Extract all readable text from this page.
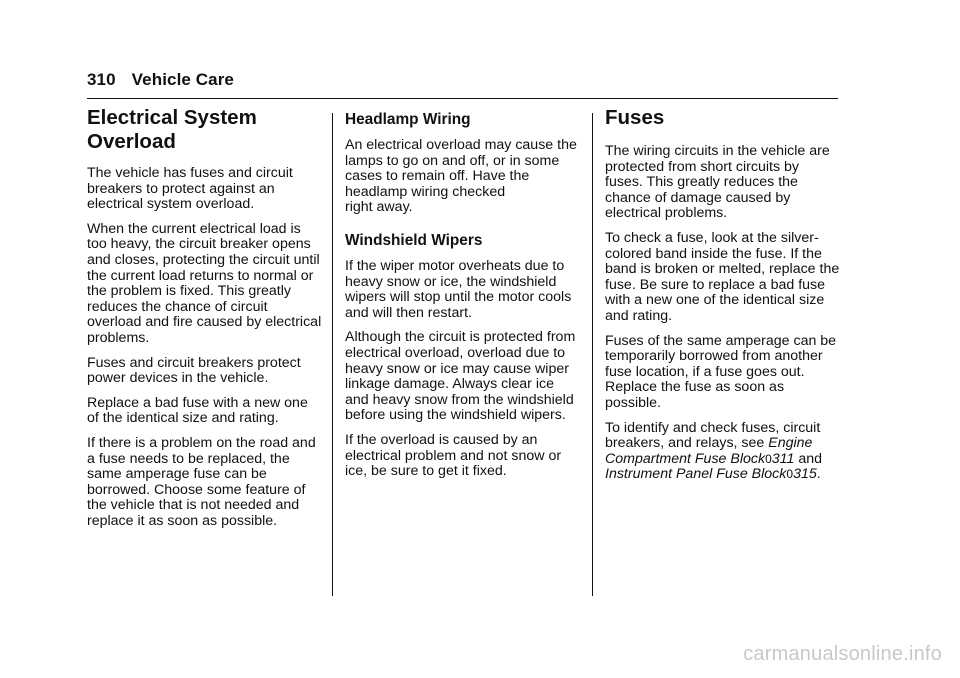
310 Vehicle Care
Electrical System
Overload

The vehicle has fuses and circuit breakers to protect against an electrical system overload.

When the current electrical load is too heavy, the circuit breaker opens and closes, protecting the circuit until the current load returns to normal or the problem is fixed. This greatly reduces the chance of circuit overload and fire caused by electrical problems.

Fuses and circuit breakers protect power devices in the vehicle.

Replace a bad fuse with a new one of the identical size and rating.

If there is a problem on the road and a fuse needs to be replaced, the same amperage fuse can be borrowed. Choose some feature of the vehicle that is not needed and replace it as soon as possible.

Headlamp Wiring

An electrical overload may cause the lamps to go on and off, or in some cases to remain off. Have the headlamp wiring checked
right away.

Windshield Wipers

If the wiper motor overheats due to heavy snow or ice, the windshield wipers will stop until the motor cools and will then restart.

Although the circuit is protected from electrical overload, overload due to heavy snow or ice may cause wiper linkage damage. Always clear ice and heavy snow from the windshield before using the windshield wipers.

If the overload is caused by an electrical problem and not snow or ice, be sure to get it fixed.

Fuses

The wiring circuits in the vehicle are protected from short circuits by fuses. This greatly reduces the chance of damage caused by electrical problems.

To check a fuse, look at the silver-colored band inside the fuse. If the band is broken or melted, replace the fuse. Be sure to replace a bad fuse with a new one of the identical size and rating.

Fuses of the same amperage can be temporarily borrowed from another fuse location, if a fuse goes out. Replace the fuse as soon as possible.

To identify and check fuses, circuit breakers, and relays, see Engine Compartment Fuse Block0311 and Instrument Panel Fuse Block0315.

carmanualsonline.info
